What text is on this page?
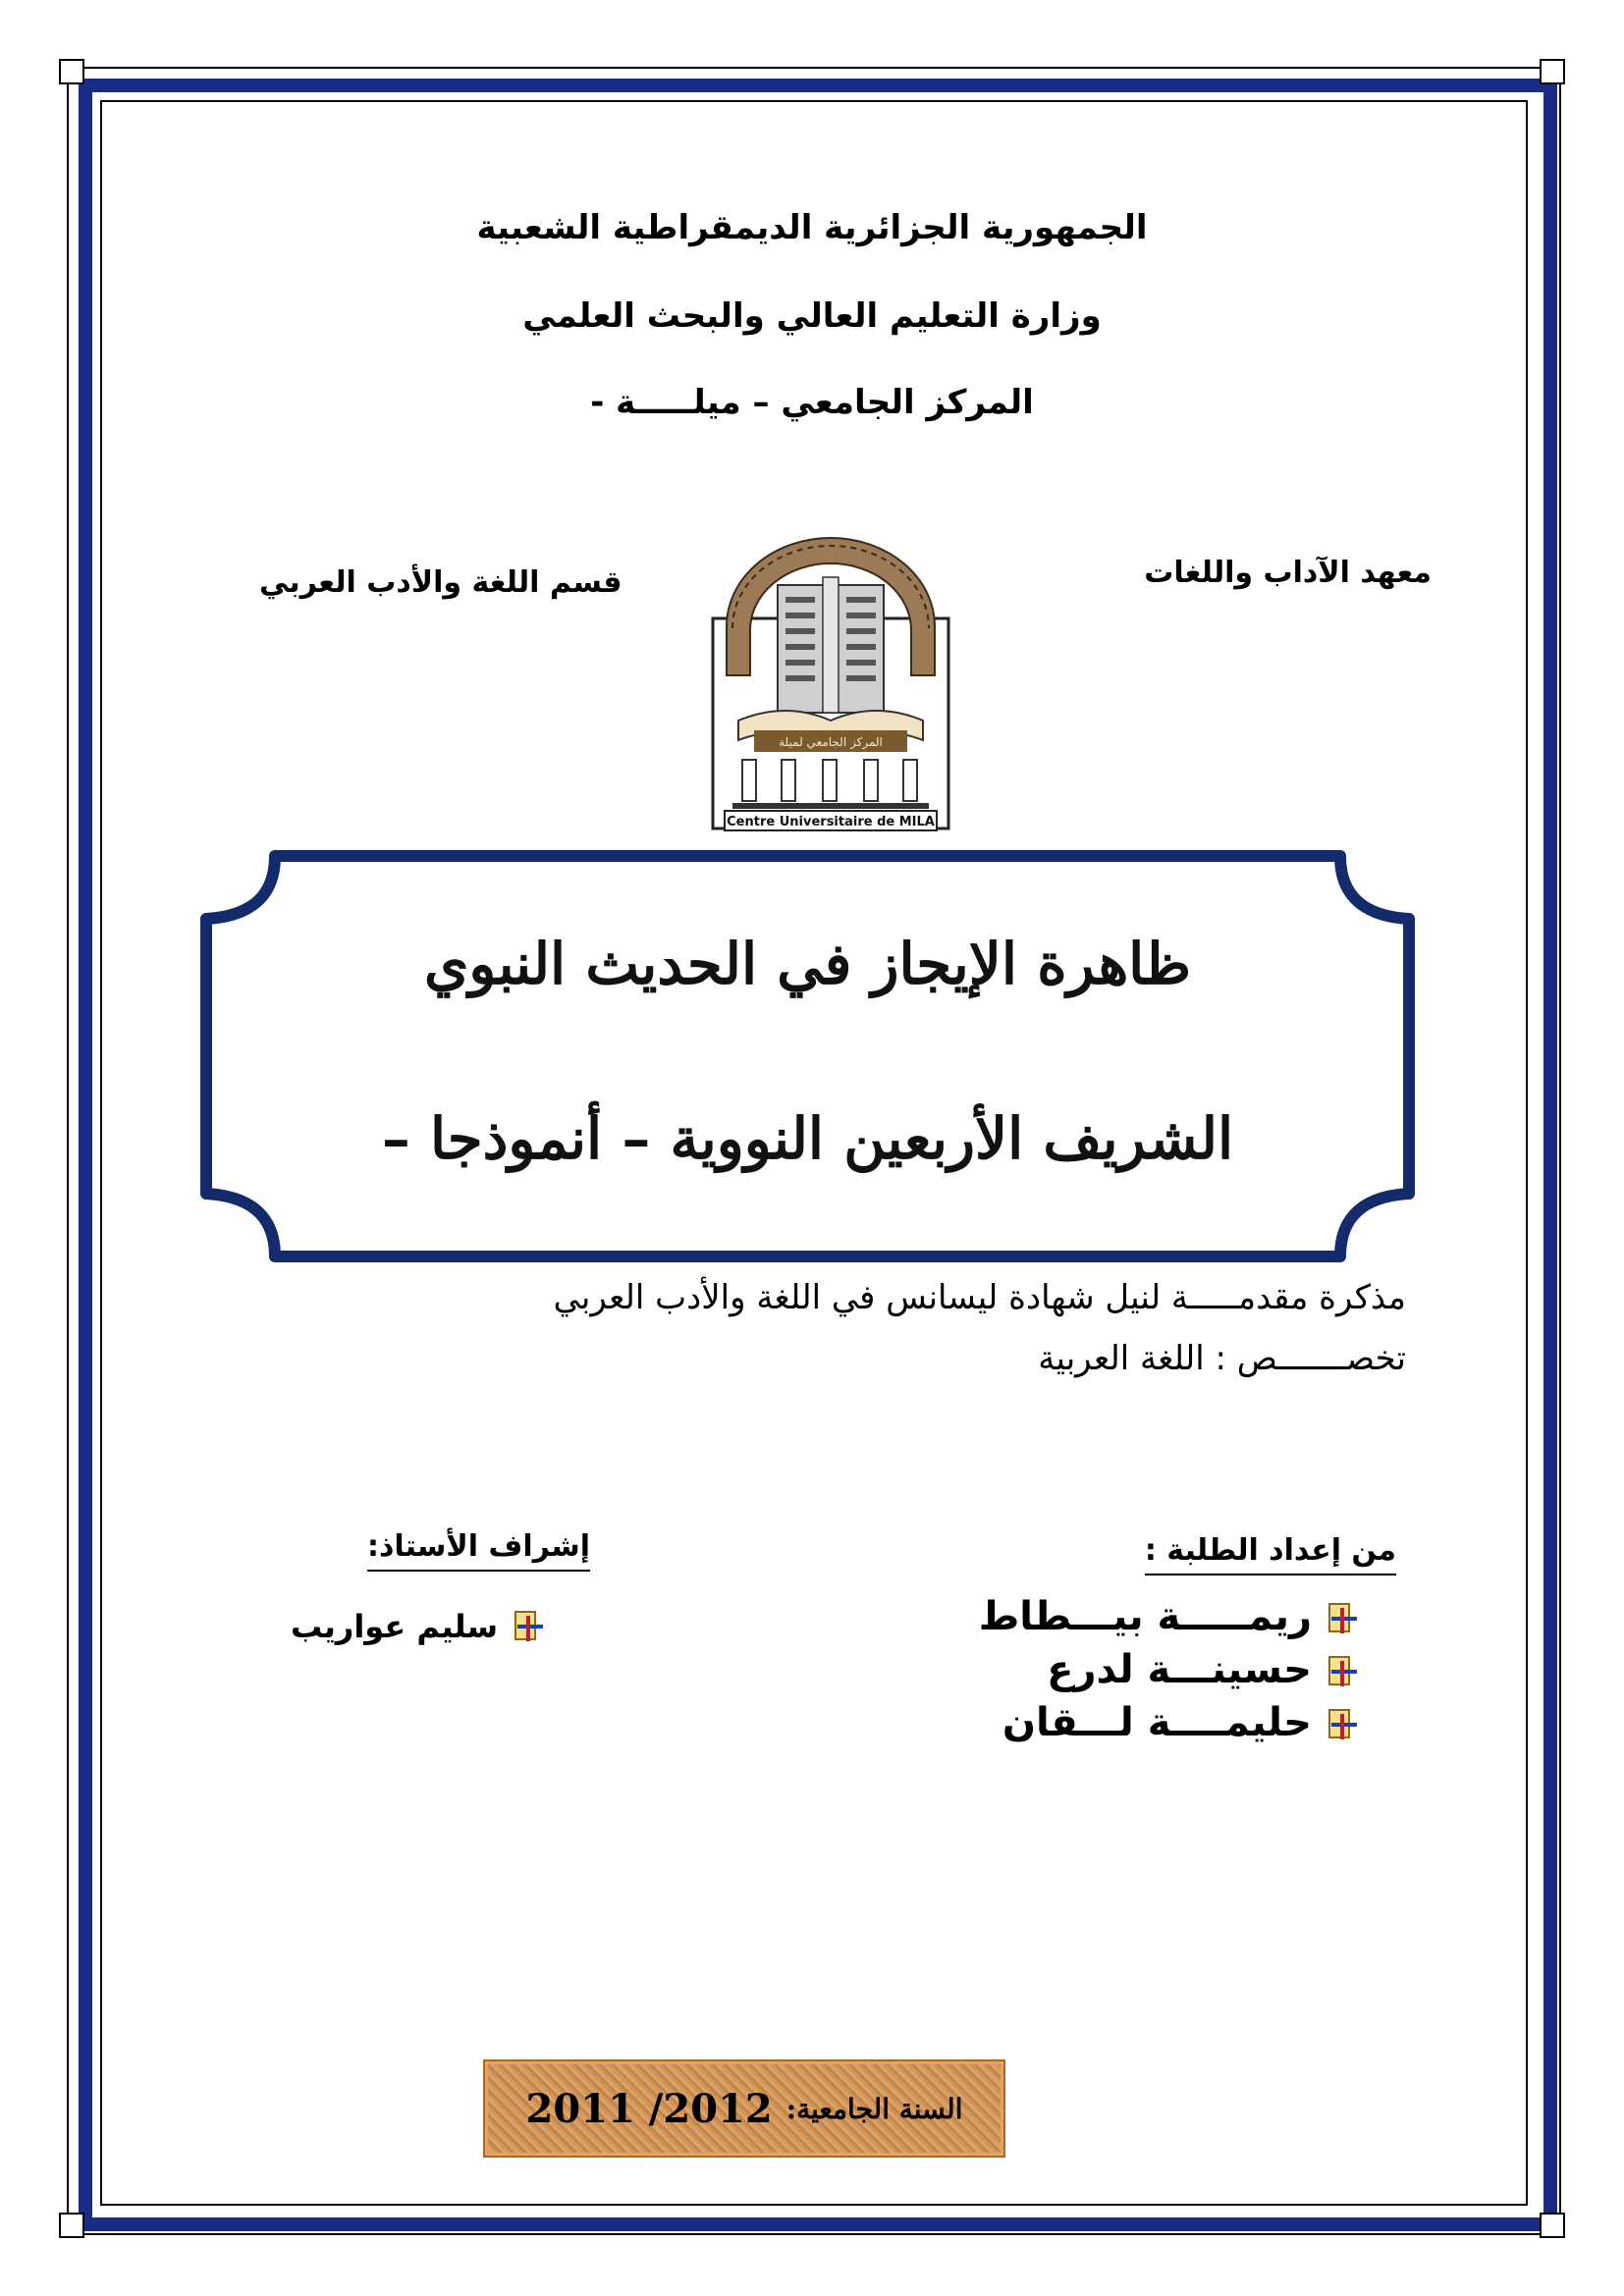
الجمهورية الجزائرية الديمقراطية الشعبية
وزارة التعليم العالي والبحث العلمي
المركز الجامعي – ميلـــــة -
معهد الآداب واللغات
قسم اللغة والأدب العربي
المركز الجامعي لميلة
Centre Universitaire de MILA
ظاهرة الإيجاز في الحديث النبوي
الشريف الأربعين النووية – أنموذجا –
مذكرة مقدمـــــة لنيل شهادة ليسانس في اللغة والأدب العربي
تخصـــــــص : اللغة العربية
من إعداد الطلبة :
ريمـــــة بيـــطاط
حسينـــة لدرع
حليمــــة لـــقان
إشراف الأستاذ:
سليم عواريب
السنة الجامعية:
2011 /2012
